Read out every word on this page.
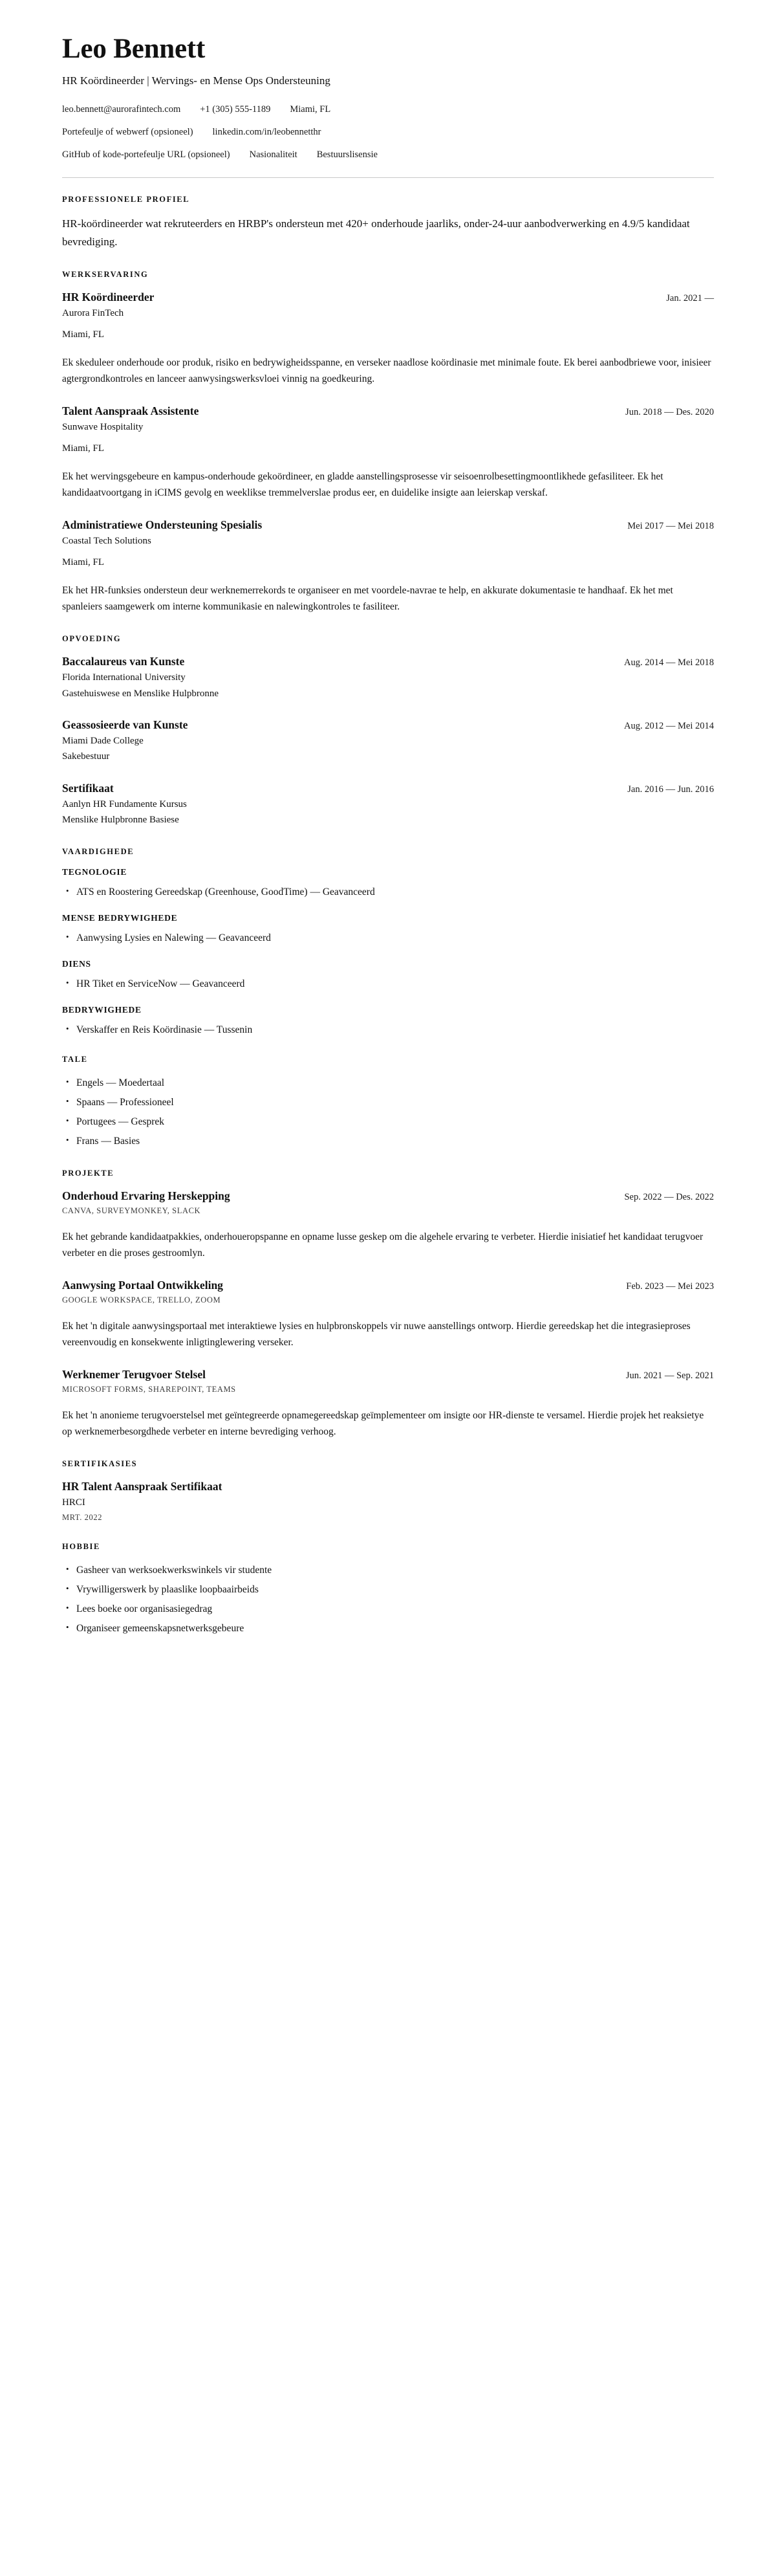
Leo Bennett

HR Koördineerder | Wervings- en Mense Ops Ondersteuning

leo.bennett@aurorafintech.com +1 (305) 555-1189 Miami, FL
Portefeulje of webwerf (opsioneel) linkedin.com/in/leobennetthr
GitHub of kode-portefeulje URL (opsioneel) Nasionaliteit Bestuurslisensie
PROFESSIONELE PROFIEL

HR-koördineerder wat rekruteerders en HRBP's ondersteun met 420+ onderhoude jaarliks, onder-24-uur aanbodverwerking en 4.9/5 kandidaat bevrediging.

WERKSERVARING
HR Koördineerder	Jan. 2021 —

Aurora FinTech

Miami, FL

Ek skeduleer onderhoude oor produk, risiko en bedrywigheidsspanne, en verseker naadlose koördinasie met minimale foute. Ek berei aanbodbriewe voor, inisieer agtergrondkontroles en lanceer aanwysingswerksvloei vinnig na goedkeuring.

Talent Aanspraak Assistente	Jun. 2018 — Des. 2020

Sunwave Hospitality

Miami, FL

Ek het wervingsgebeure en kampus-onderhoude gekoördineer, en gladde aanstellingsprosesse vir seisoenrolbesettingmoontlikhede gefasiliteer. Ek het kandidaatvoortgang in iCIMS gevolg en weeklikse tremmelverslae produs eer, en duidelike insigte aan leierskap verskaf.

Administratiewe Ondersteuning Spesialis	Mei 2017 — Mei 2018

Coastal Tech Solutions

Miami, FL

Ek het HR-funksies ondersteun deur werknemerrekords te organiseer en met voordele-navrae te help, en akkurate dokumentasie te handhaaf. Ek het met spanleiers saamgewerk om interne kommunikasie en nalewingkontroles te fasiliteer.

OPVOEDING
Baccalaureus van Kunste	Aug. 2014 — Mei 2018

Florida International University

Gastehuiswese en Menslike Hulpbronne

Geassosieerde van Kunste	Aug. 2012 — Mei 2014

Miami Dade College

Sakebestuur

Sertifikaat	Jan. 2016 — Jun. 2016

Aanlyn HR Fundamente Kursus

Menslike Hulpbronne Basiese

VAARDIGHEDE
TEGNOLOGIE
• ATS en Roostering Gereedskap (Greenhouse, GoodTime) — Geavanceerd
MENSE BEDRYWIGHEDE
• Aanwysing Lysies en Nalewing — Geavanceerd
DIENS
• HR Tiket en ServiceNow — Geavanceerd
BEDRYWIGHEDE
• Verskaffer en Reis Koördinasie — Tussenin
TALE
• Engels — Moedertaal
• Spaans — Professioneel
• Portugees — Gesprek
• Frans — Basies
PROJEKTE
Onderhoud Ervaring Herskepping	Sep. 2022 — Des. 2022

CANVA, SURVEYMONKEY, SLACK

Ek het gebrande kandidaatpakkies, onderhoueropspanne en opname lusse geskep om die algehele ervaring te verbeter. Hierdie inisiatief het kandidaat terugvoer verbeter en die proses gestroomlyn.

Aanwysing Portaal Ontwikkeling	Feb. 2023 — Mei 2023

GOOGLE WORKSPACE, TRELLO, ZOOM

Ek het 'n digitale aanwysingsportaal met interaktiewe lysies en hulpbronskoppels vir nuwe aanstellings ontworp. Hierdie gereedskap het die integrasieproses vereenvoudig en konsekwente inligtinglewering verseker.

Werknemer Terugvoer Stelsel	Jun. 2021 — Sep. 2021

MICROSOFT FORMS, SHAREPOINT, TEAMS

Ek het 'n anonieme terugvoerstelsel met geïntegreerde opnamegereedskap geïmplementeer om insigte oor HR-dienste te versamel. Hierdie projek het reaksietye op werknemerbesorgdhede verbeter en interne bevrediging verhoog.

SERTIFIKASIES
HR Talent Aanspraak Sertifikaat

HRCI

MRT. 2022

HOBBIE
• Gasheer van werksoekwerkswinkels vir studente
• Vrywilligerswerk by plaaslike loopbaairbeids
• Lees boeke oor organisasiegedrag
• Organiseer gemeenskapsnetwerksgebeure
